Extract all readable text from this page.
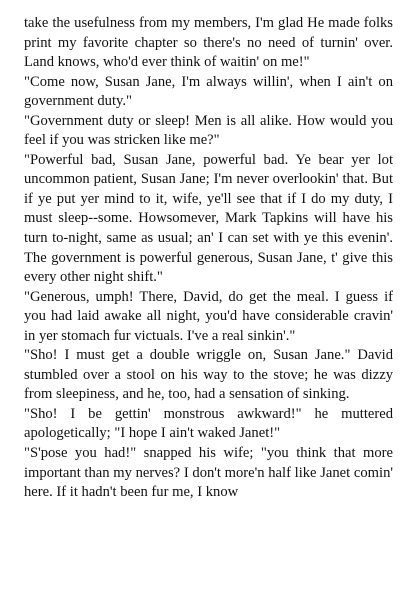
take the usefulness from my members, I'm glad He made folks print my favorite chapter so there's no need of turnin' over. Land knows, who'd ever think of waitin' on me!"

"Come now, Susan Jane, I'm always willin', when I ain't on government duty."

"Government duty or sleep! Men is all alike. How would you feel if you was stricken like me?"

"Powerful bad, Susan Jane, powerful bad. Ye bear yer lot uncommon patient, Susan Jane; I'm never overlookin' that. But if ye put yer mind to it, wife, ye'll see that if I do my duty, I must sleep--some. Howsomever, Mark Tapkins will have his turn to-night, same as usual; an' I can set with ye this evenin'. The government is powerful generous, Susan Jane, t' give this every other night shift."

"Generous, umph! There, David, do get the meal. I guess if you had laid awake all night, you'd have considerable cravin' in yer stomach fur victuals. I've a real sinkin'."

"Sho! I must get a double wriggle on, Susan Jane." David stumbled over a stool on his way to the stove; he was dizzy from sleepiness, and he, too, had a sensation of sinking.

"Sho! I be gettin' monstrous awkward!" he muttered apologetically; "I hope I ain't waked Janet!"

"S'pose you had!" snapped his wife; "you think that more important than my nerves? I don't more'n half like Janet comin' here. If it hadn't been fur me, I know
